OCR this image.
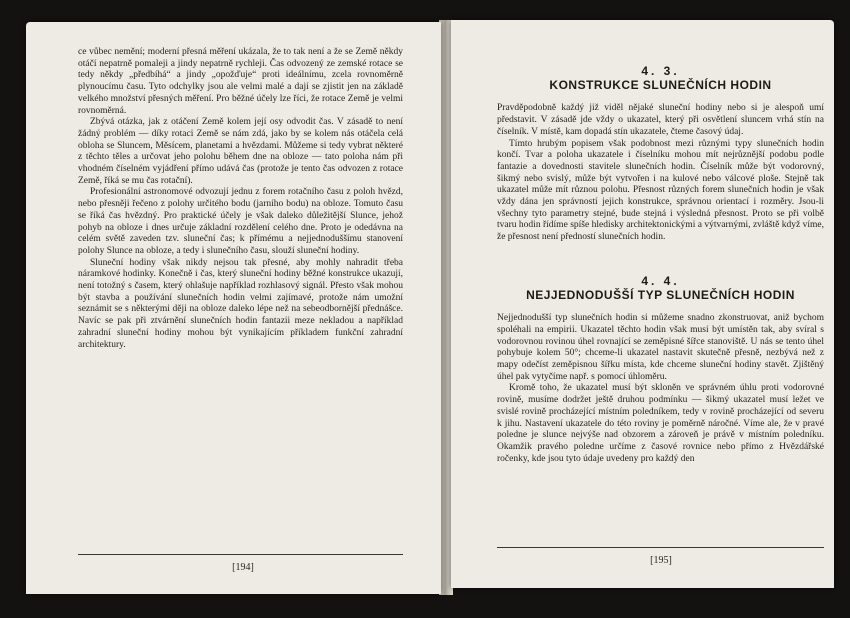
ce vůbec nemění; moderní přesná měření ukázala, že to tak není a že se Země někdy otáčí nepatrně pomaleji a jindy nepatrně rychleji. Čas odvozený ze zemské rotace se tedy někdy „předbíhá“ a jindy „opožďuje“ proti ideálnímu, zcela rovnoměrně plynoucímu času. Tyto odchylky jsou ale velmi malé a dají se zjistit jen na základě velkého množství přesných měření. Pro běžné účely lze říci, že rotace Země je velmi rovnoměrná.

Zbývá otázka, jak z otáčení Země kolem její osy odvodit čas. V zásadě to není žádný problém — díky rotaci Země se nám zdá, jako by se kolem nás otáčela celá obloha se Sluncem, Měsícem, planetami a hvězdami. Můžeme si tedy vybrat některé z těchto těles a určovat jeho polohu během dne na obloze — tato poloha nám při vhodném číselném vyjádření přímo udává čas (protože je tento čas odvozen z rotace Země, říká se mu čas rotační).

Profesionální astronomové odvozují jednu z forem rotačního času z poloh hvězd, nebo přesněji řečeno z polohy určitého bodu (jarního bodu) na obloze. Tomuto času se říká čas hvězdný. Pro praktické účely je však daleko důležitější Slunce, jehož pohyb na obloze i dnes určuje základní rozdělení celého dne. Proto je odedávna na celém světě zaveden tzv. sluneční čas; k přímému a nejjednoduššímu stanovení polohy Slunce na obloze, a tedy i slunečního času, slouží sluneční hodiny.

Sluneční hodiny však nikdy nejsou tak přesné, aby mohly nahradit třeba náramkové hodinky. Konečně i čas, který sluneční hodiny běžné konstrukce ukazují, není totožný s časem, který ohlašuje například rozhlasový signál. Přesto však mohou být stavba a používání slunečních hodin velmi zajímavé, protože nám umožní seznámit se s některými ději na obloze daleko lépe než na sebeodbornější přednášce. Navíc se pak při ztvárnění slunečních hodin fantazii meze nekladou a například zahradní sluneční hodiny mohou být vynikajícím příkladem funkční zahradní architektury.

[194]
4. 3.
KONSTRUKCE SLUNEČNÍCH HODIN

Pravděpodobně každý již viděl nějaké sluneční hodiny nebo si je alespoň umí představit. V zásadě jde vždy o ukazatel, který při osvětlení sluncem vrhá stín na číselník. V místě, kam dopadá stín ukazatele, čteme časový údaj.

Tímto hrubým popisem však podobnost mezi různými typy slunečních hodin končí. Tvar a poloha ukazatele i číselníku mohou mít nejrůznější podobu podle fantazie a dovednosti stavitele slunečních hodin. Číselník může být vodorovný, šikmý nebo svislý, může být vytvořen i na kulové nebo válcové ploše. Stejně tak ukazatel může mít různou polohu. Přesnost různých forem slunečních hodin je však vždy dána jen správností jejich konstrukce, správnou orientací i rozměry. Jsou-li všechny tyto parametry stejné, bude stejná i výsledná přesnost. Proto se při volbě tvaru hodin řídíme spíše hledisky architektonickými a výtvarnými, zvláště když víme, že přesnost není předností slunečních hodin.

4. 4.
NEJJEDNODUŠŠÍ TYP SLUNEČNÍCH HODIN

Nejjednodušší typ slunečních hodin si můžeme snadno zkonstruovat, aniž bychom spoléhali na empirii. Ukazatel těchto hodin však musí být umístěn tak, aby svíral s vodorovnou rovinou úhel rovnající se zeměpisné šířce stanoviště. U nás se tento úhel pohybuje kolem 50°; chceme-li ukazatel nastavit skutečně přesně, nezbývá než z mapy odečíst zeměpisnou šířku místa, kde chceme sluneční hodiny stavět. Zjištěný úhel pak vytyčíme např. s pomocí úhloměru.

Kromě toho, že ukazatel musí být skloněn ve správném úhlu proti vodorovné rovině, musíme dodržet ještě druhou podmínku — šikmý ukazatel musí ležet ve svislé rovině procházející místním poledníkem, tedy v rovině procházející od severu k jihu. Nastavení ukazatele do této roviny je poměrně náročné. Víme ale, že v pravé poledne je slunce nejvýše nad obzorem a zároveň je právě v místním poledníku. Okamžik pravého poledne určíme z časové rovnice nebo přímo z Hvězdářské ročenky, kde jsou tyto údaje uvedeny pro každý den

[195]
